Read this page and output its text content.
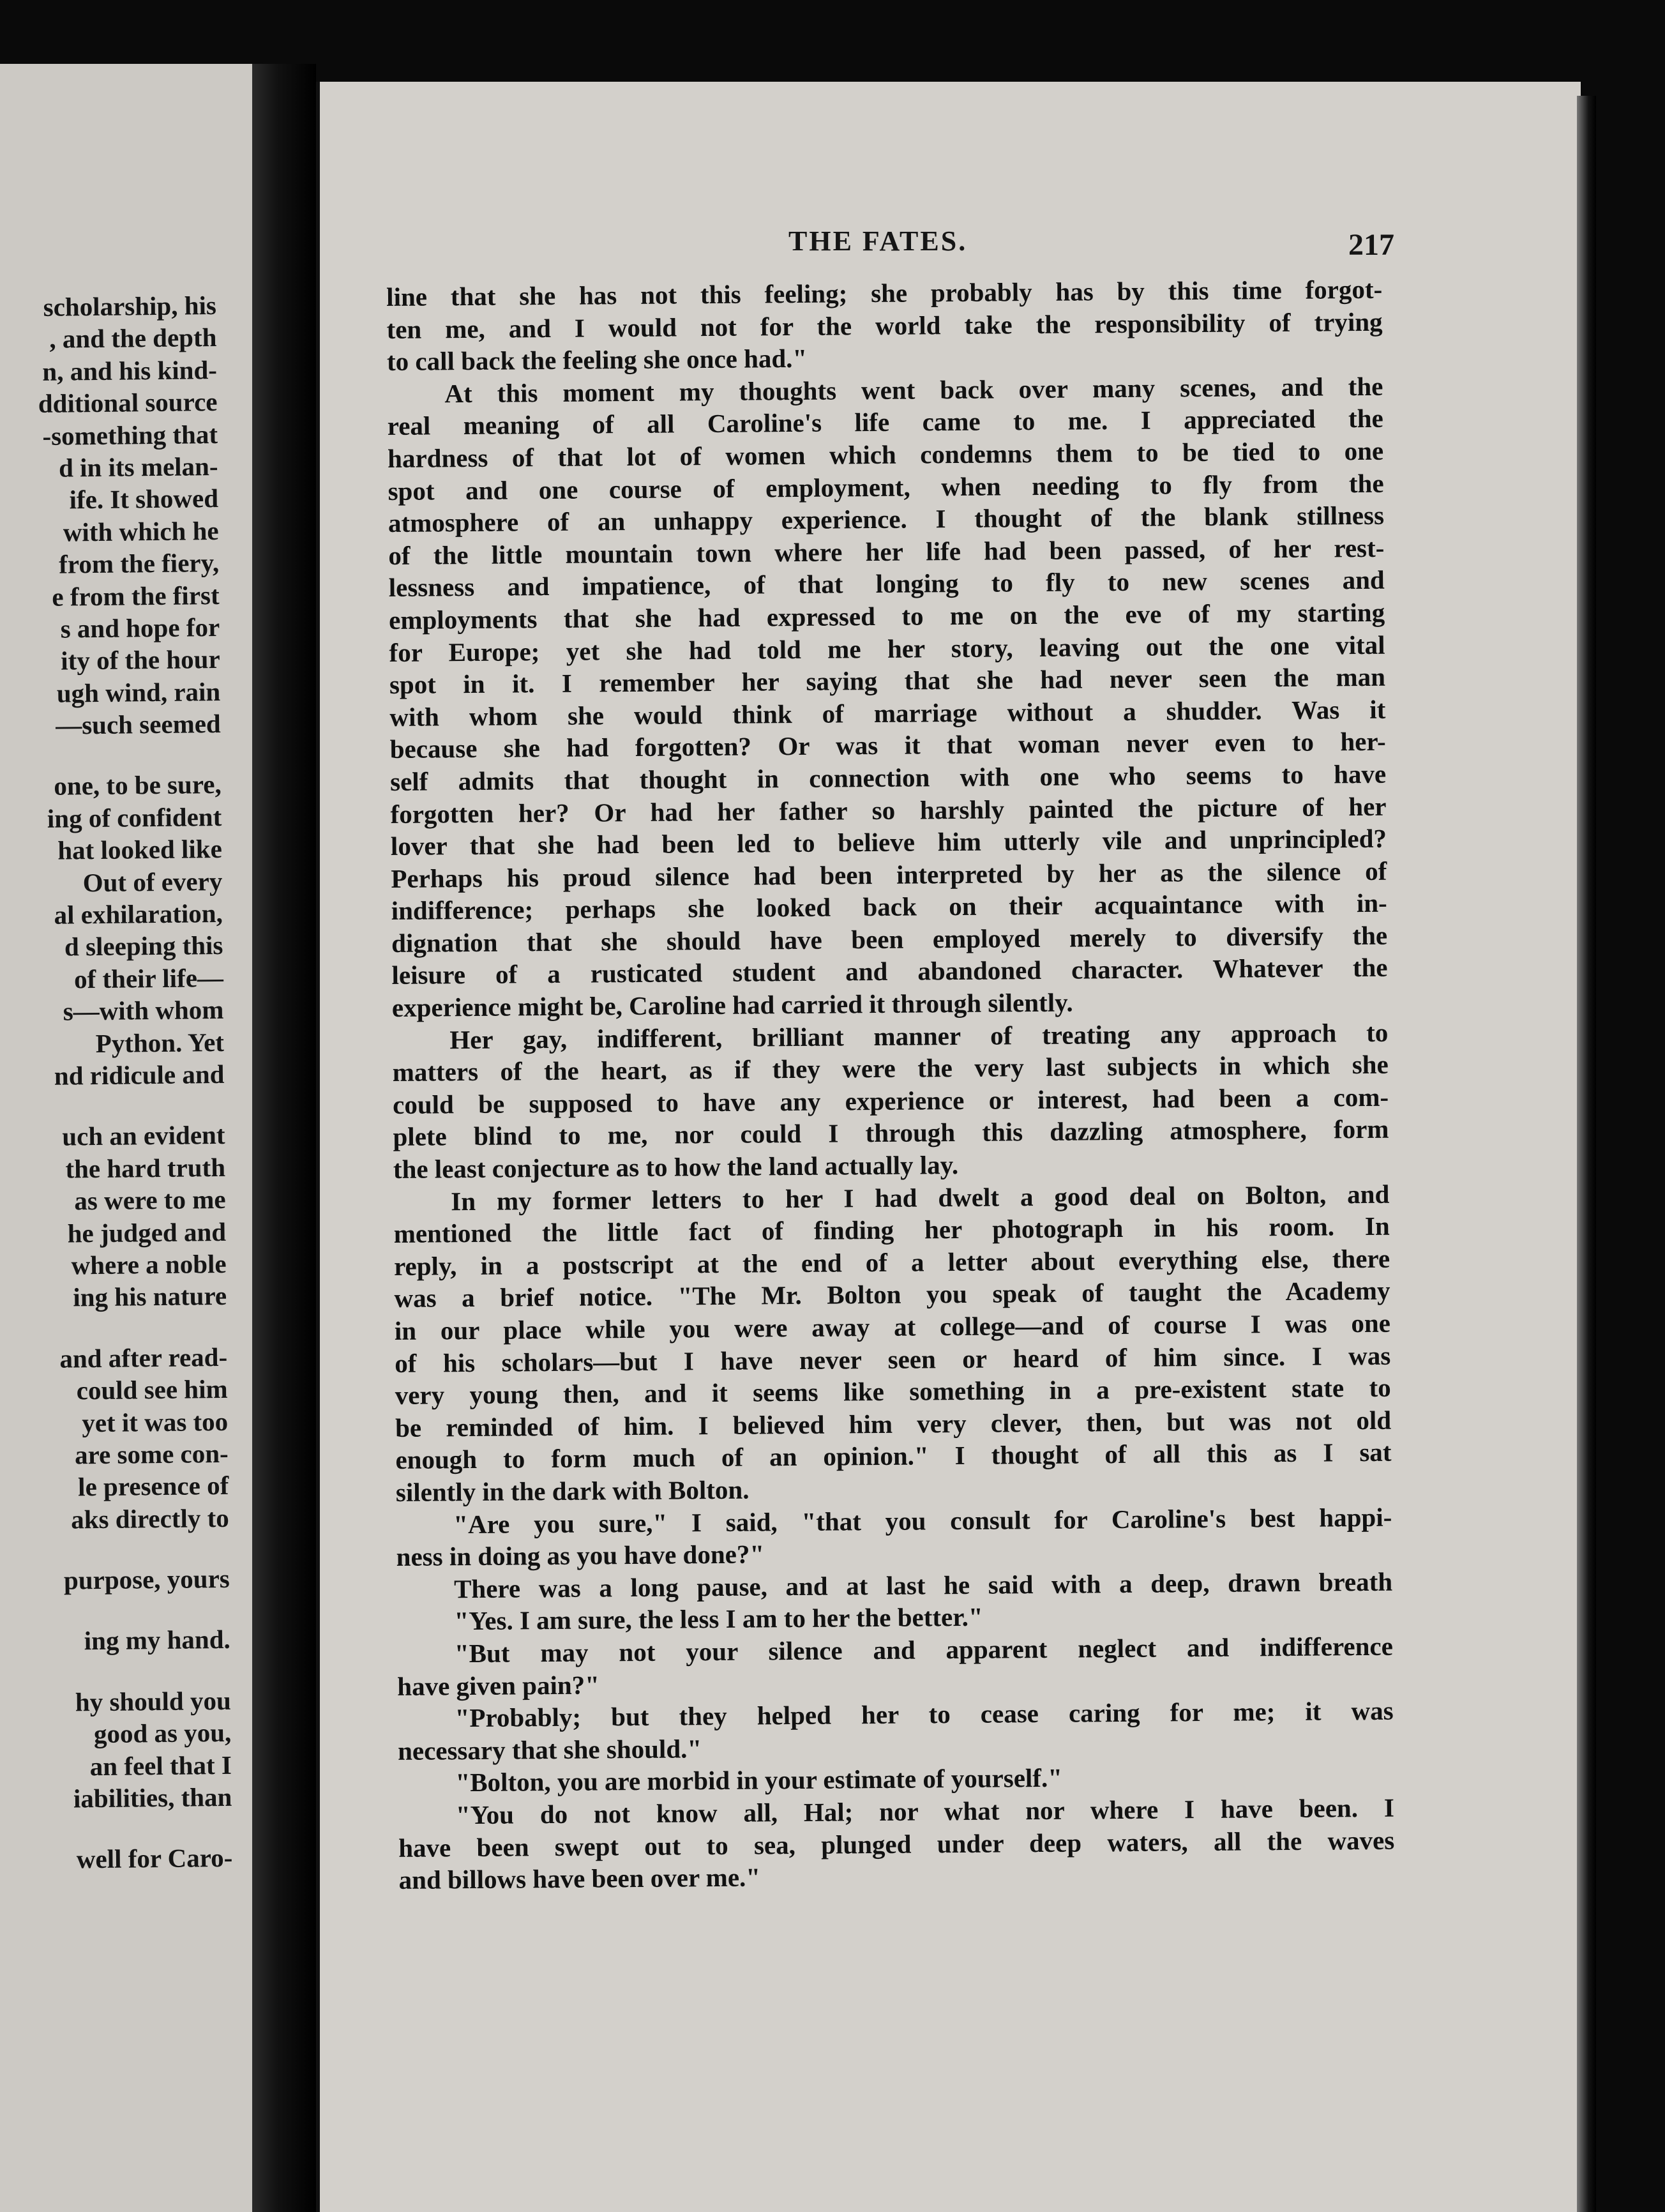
scholarship, his
, and the depth
n, and his kind-
dditional source
-something that
d in its melan-
ife. It showed
with which he
from the fiery,
e from the first
s and hope for
ity of the hour
ugh wind, rain
—such seemed
one, to be sure,
ing of confident
hat looked like
Out of every
al exhilaration,
d sleeping this
of their life—
s—with whom
Python. Yet
nd ridicule and
uch an evident
the hard truth
as were to me
he judged and
where a noble
ing his nature
and after read-
could see him
yet it was too
are some con-
le presence of
aks directly to
purpose, yours
ing my hand.
hy should you
good as you,
an feel that I
iabilities, than
well for Caro-
THE FATES.	217
line that she has not this feeling; she probably has by this time forgot-
ten me, and I would not for the world take the responsibility of trying
to call back the feeling she once had."
At this moment my thoughts went back over many scenes, and the
real meaning of all Caroline's life came to me. I appreciated the
hardness of that lot of women which condemns them to be tied to one
spot and one course of employment, when needing to fly from the
atmosphere of an unhappy experience. I thought of the blank stillness
of the little mountain town where her life had been passed, of her rest-
lessness and impatience, of that longing to fly to new scenes and
employments that she had expressed to me on the eve of my starting
for Europe; yet she had told me her story, leaving out the one vital
spot in it. I remember her saying that she had never seen the man
with whom she would think of marriage without a shudder. Was it
because she had forgotten? Or was it that woman never even to her-
self admits that thought in connection with one who seems to have
forgotten her? Or had her father so harshly painted the picture of her
lover that she had been led to believe him utterly vile and unprincipled?
Perhaps his proud silence had been interpreted by her as the silence of
indifference; perhaps she looked back on their acquaintance with in-
dignation that she should have been employed merely to diversify the
leisure of a rusticated student and abandoned character. Whatever the
experience might be, Caroline had carried it through silently.
Her gay, indifferent, brilliant manner of treating any approach to
matters of the heart, as if they were the very last subjects in which she
could be supposed to have any experience or interest, had been a com-
plete blind to me, nor could I through this dazzling atmosphere, form
the least conjecture as to how the land actually lay.
In my former letters to her I had dwelt a good deal on Bolton, and
mentioned the little fact of finding her photograph in his room. In
reply, in a postscript at the end of a letter about everything else, there
was a brief notice. "The Mr. Bolton you speak of taught the Academy
in our place while you were away at college—and of course I was one
of his scholars—but I have never seen or heard of him since. I was
very young then, and it seems like something in a pre-existent state to
be reminded of him. I believed him very clever, then, but was not old
enough to form much of an opinion." I thought of all this as I sat
silently in the dark with Bolton.
"Are you sure," I said, "that you consult for Caroline's best happi-
ness in doing as you have done?"
There was a long pause, and at last he said with a deep, drawn breath
"Yes. I am sure, the less I am to her the better."
"But may not your silence and apparent neglect and indifference
have given pain?"
"Probably; but they helped her to cease caring for me; it was
necessary that she should."
"Bolton, you are morbid in your estimate of yourself."
"You do not know all, Hal; nor what nor where I have been. I
have been swept out to sea, plunged under deep waters, all the waves
and billows have been over me."
